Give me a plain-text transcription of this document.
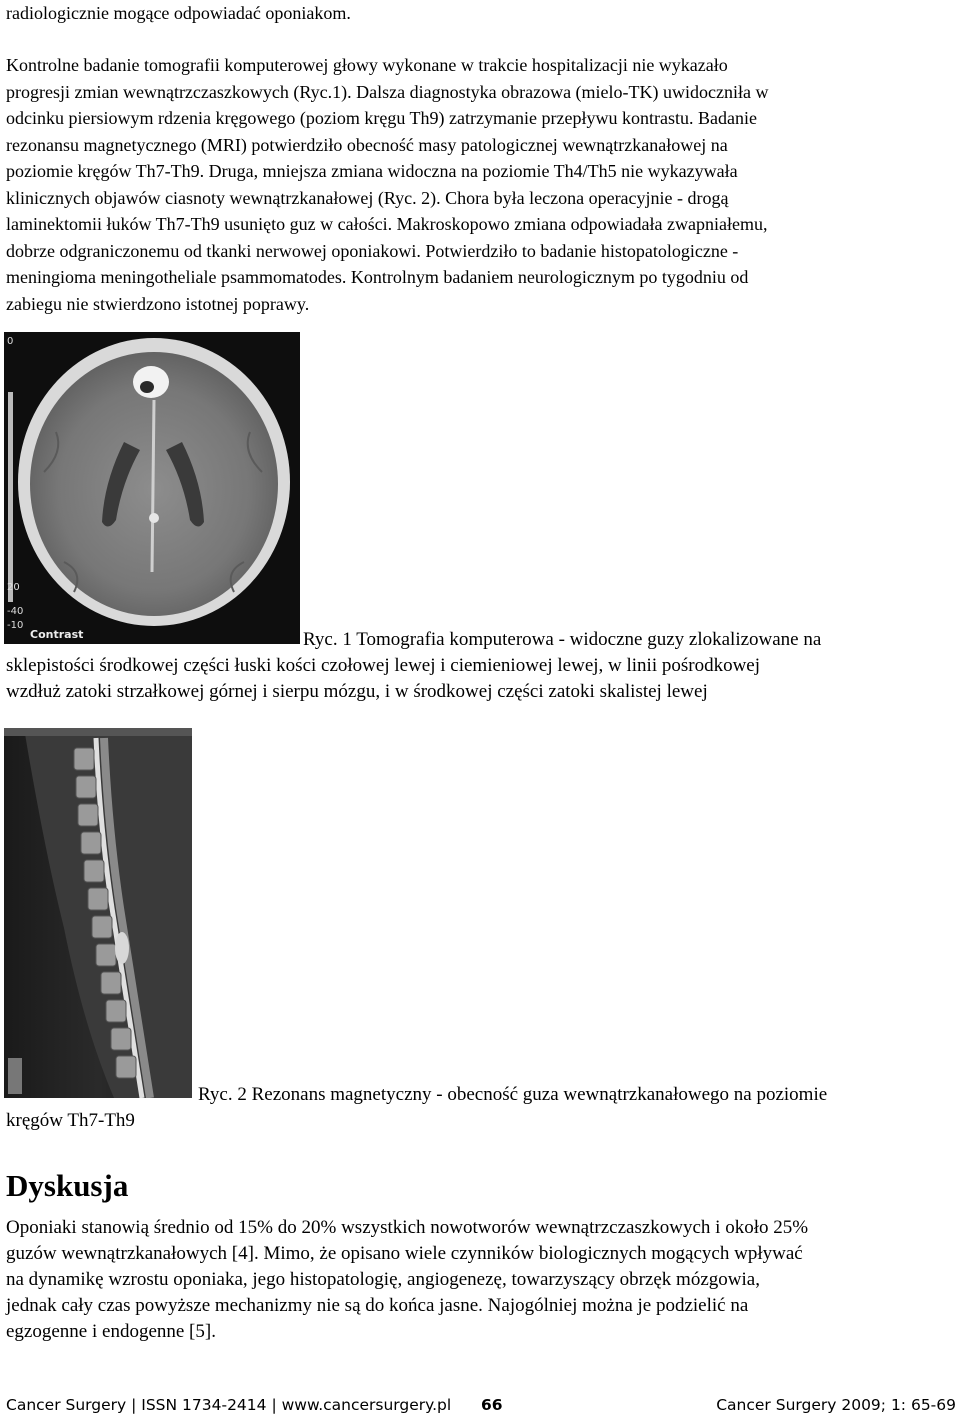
radiologicznie mogące odpowiadać oponiakom.

Kontrolne badanie tomografii komputerowej głowy wykonane w trakcie hospitalizacji nie wykazało
progresji zmian wewnątrzczaszkowych (Ryc.1). Dalsza diagnostyka obrazowa (mielo-TK) uwidoczniła w
odcinku piersiowym rdzenia kręgowego (poziom kręgu Th9) zatrzymanie przepływu kontrastu. Badanie
rezonansu magnetycznego (MRI) potwierdziło obecność masy patologicznej wewnątrzkanałowej na
poziomie kręgów Th7-Th9. Druga, mniejsza zmiana widoczna na poziomie Th4/Th5 nie wykazywała
klinicznych objawów ciasnoty wewnątrzkanałowej (Ryc. 2). Chora była leczona operacyjnie - drogą
laminektomii łuków Th7-Th9 usunięto guz w całości. Makroskopowo zmiana odpowiadała zwapniałemu,
dobrze odgraniczonemu od tkanki nerwowej oponiakowi. Potwierdziło to badanie histopatologiczne -
meningioma meningotheliale psammomatodes. Kontrolnym badaniem neurologicznym po tygodniu od
zabiegu nie stwierdzono istotnej poprawy.
0
20
-40
-10
Contrast	Ryc. 1 Tomografia komputerowa - widoczne guzy zlokalizowane na
sklepistości środkowej części łuski kości czołowej lewej i ciemieniowej lewej, w linii pośrodkowej
wzdłuż zatoki strzałkowej górnej i sierpu mózgu, i w środkowej części zatoki skalistej lewej
Ryc. 2 Rezonans magnetyczny - obecność guza wewnątrzkanałowego na poziomie
kręgów Th7-Th9
Dyskusja
Oponiaki stanowią średnio od 15% do 20% wszystkich nowotworów wewnątrzczaszkowych i około 25%
guzów wewnątrzkanałowych [4]. Mimo, że opisano wiele czynników biologicznych mogących wpływać
na dynamikę wzrostu oponiaka, jego histopatologię, angiogenezę, towarzyszący obrzęk mózgowia,
jednak cały czas powyższe mechanizmy nie są do końca jasne. Najogólniej można je podzielić na
egzogenne i endogenne [5].
Cancer Surgery | ISSN 1734-2414 | www.cancersurgery.pl 66	Cancer Surgery 2009; 1: 65-69
